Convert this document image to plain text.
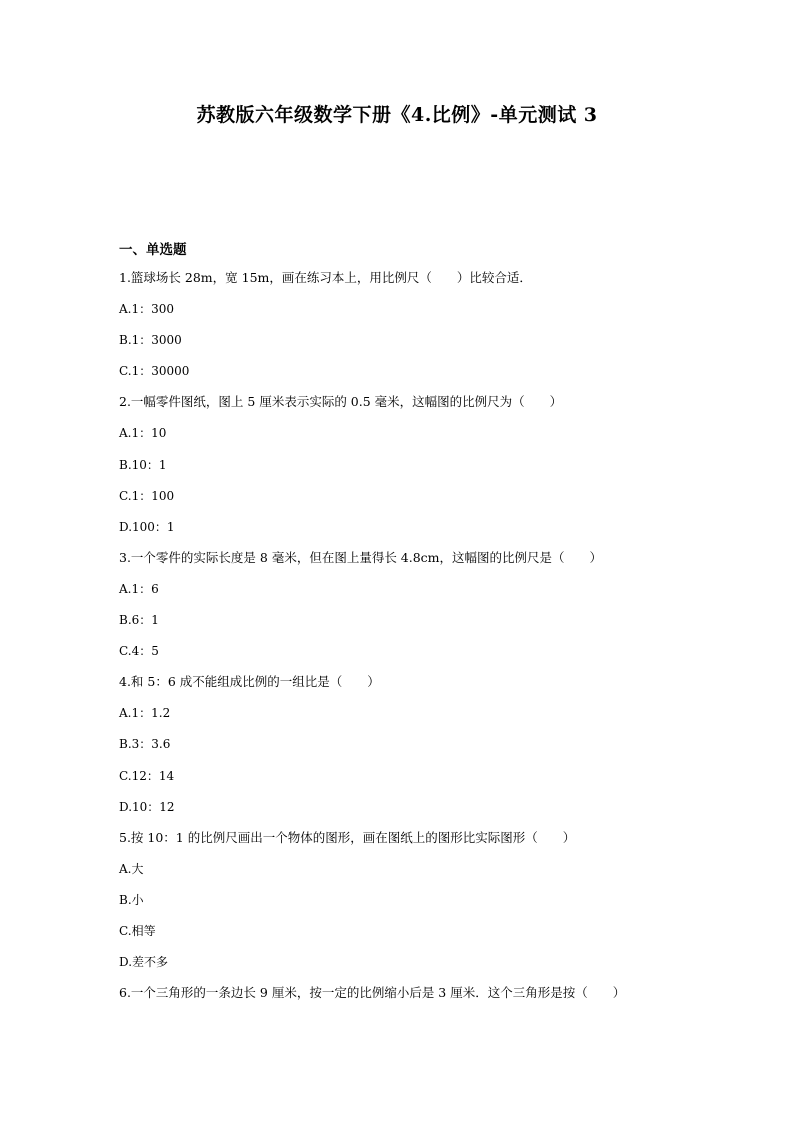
苏教版六年级数学下册《4.比例》-单元测试 3
一、单选题
1.篮球场长 28m，宽 15m，画在练习本上，用比例尺（　　）比较合适．
A.1：300
B.1：3000
C.1：30000
2.一幅零件图纸，图上 5 厘米表示实际的 0.5 毫米，这幅图的比例尺为（　　）
A.1：10
B.10：1
C.1：100
D.100：1
3.一个零件的实际长度是 8 毫米，但在图上量得长 4.8cm，这幅图的比例尺是（　　）
A.1：6
B.6：1
C.4：5
4.和 5：6 成不能组成比例的一组比是（　　）
A.1：1.2
B.3：3.6
C.12：14
D.10：12
5.按 10：1 的比例尺画出一个物体的图形，画在图纸上的图形比实际图形（　　）
A.大
B.小
C.相等
D.差不多
6.一个三角形的一条边长 9 厘米，按一定的比例缩小后是 3 厘米．这个三角形是按（　　）
